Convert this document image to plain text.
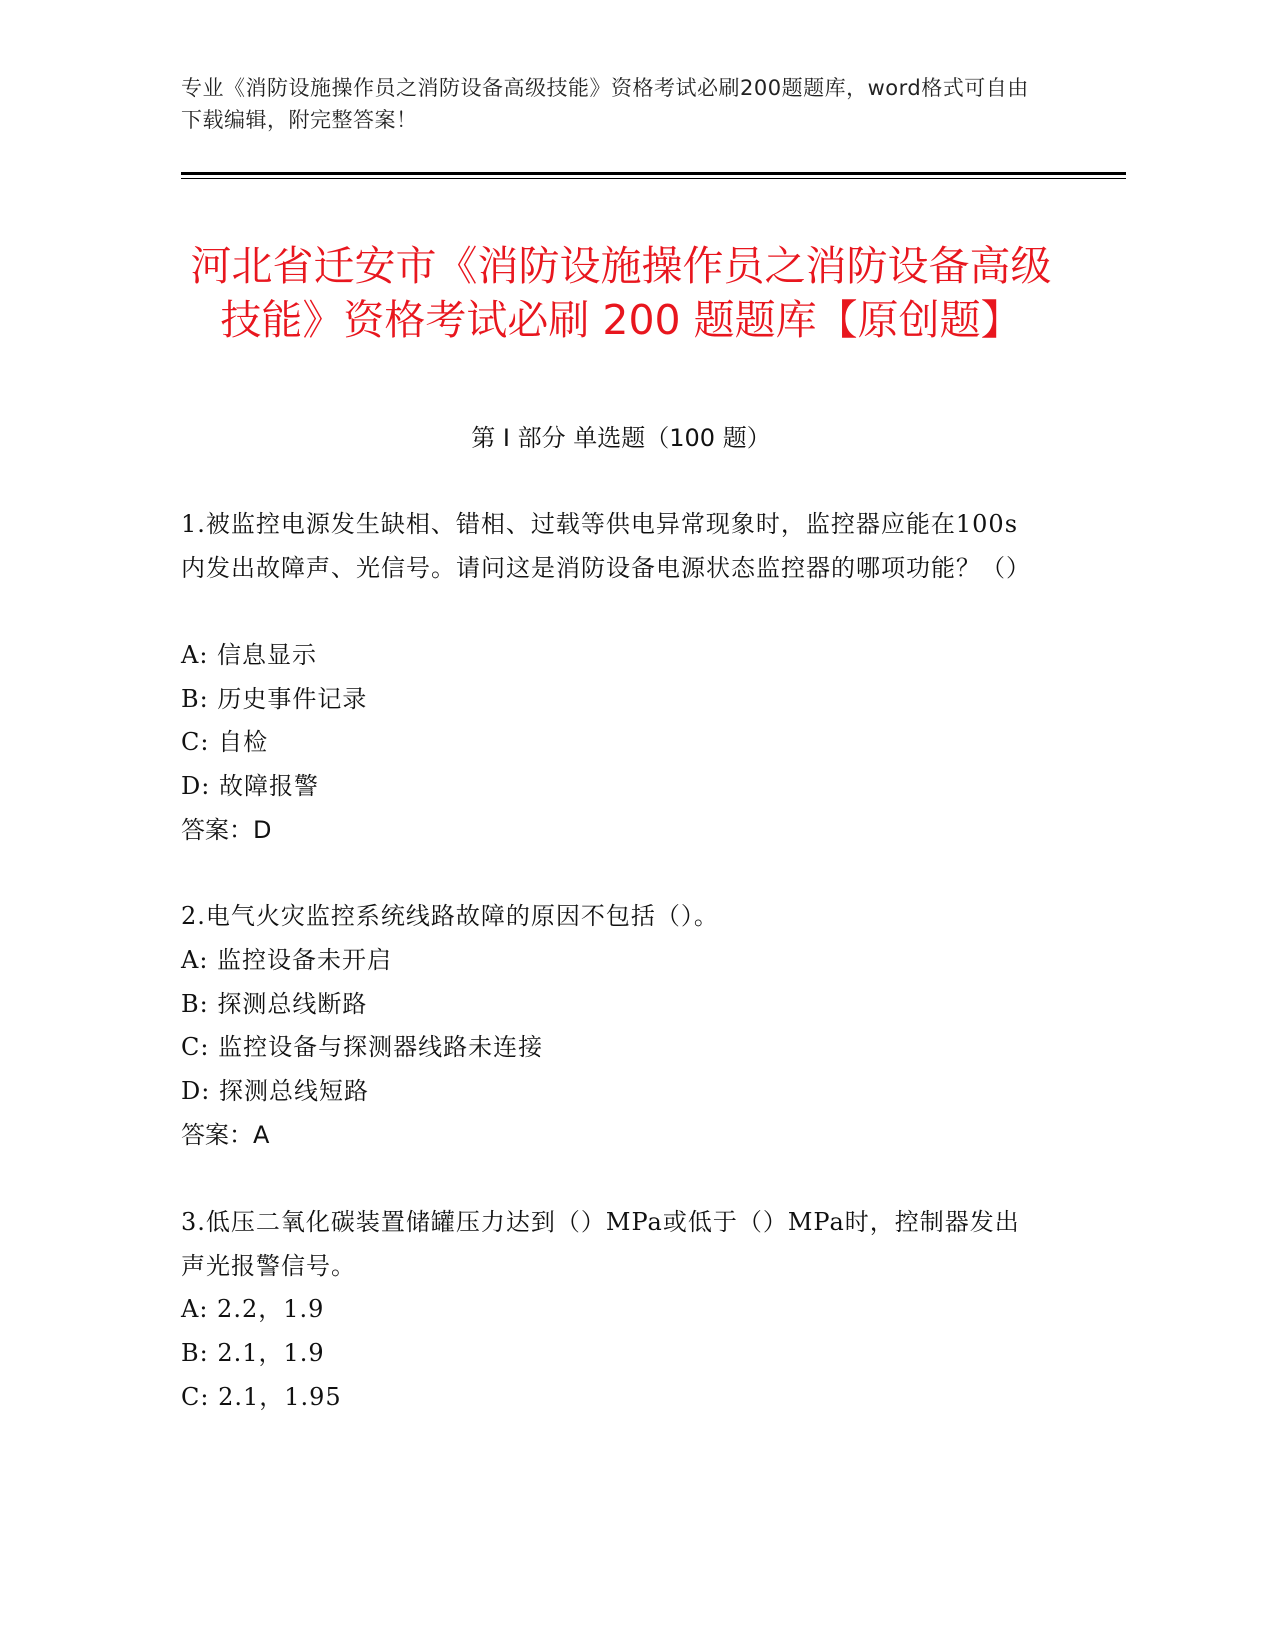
专业《消防设施操作员之消防设备高级技能》资格考试必刷200题题库，word格式可自由下载编辑，附完整答案！
河北省迁安市《消防设施操作员之消防设备高级技能》资格考试必刷 200 题题库【原创题】
第 I 部分 单选题（100 题）
1.被监控电源发生缺相、错相、过载等供电异常现象时，监控器应能在100s内发出故障声、光信号。请问这是消防设备电源状态监控器的哪项功能？（）
A: 信息显示
B: 历史事件记录
C: 自检
D: 故障报警
答案：D
2.电气火灾监控系统线路故障的原因不包括（）。
A: 监控设备未开启
B: 探测总线断路
C: 监控设备与探测器线路未连接
D: 探测总线短路
答案：A
3.低压二氧化碳装置储罐压力达到（）MPa或低于（）MPa时，控制器发出声光报警信号。
A: 2.2，1.9
B: 2.1，1.9
C: 2.1，1.95
